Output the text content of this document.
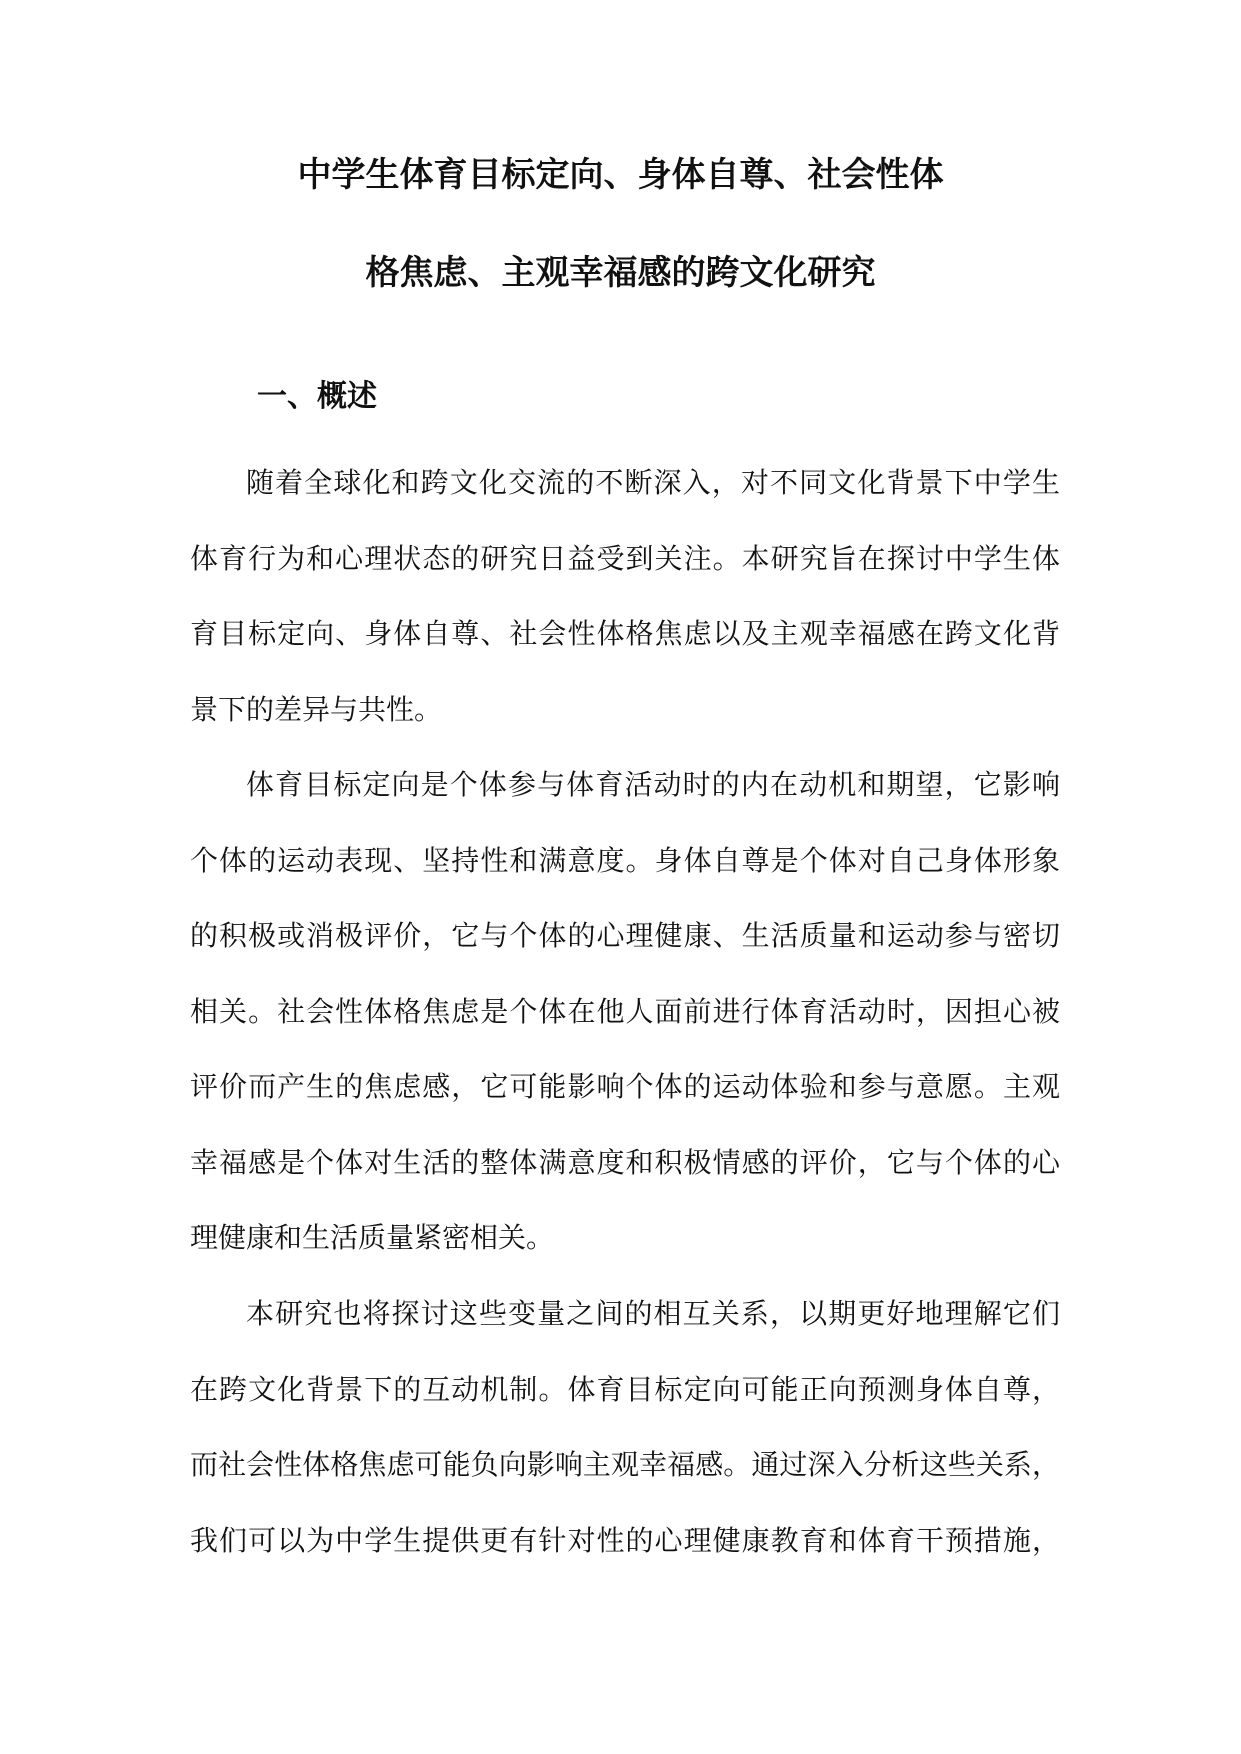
中学生体育目标定向、身体自尊、社会性体
格焦虑、主观幸福感的跨文化研究
一、概述
随着全球化和跨文化交流的不断深入，对不同文化背景下中学生
体育行为和心理状态的研究日益受到关注。本研究旨在探讨中学生体
育目标定向、身体自尊、社会性体格焦虑以及主观幸福感在跨文化背
景下的差异与共性。
体育目标定向是个体参与体育活动时的内在动机和期望，它影响
个体的运动表现、坚持性和满意度。身体自尊是个体对自己身体形象
的积极或消极评价，它与个体的心理健康、生活质量和运动参与密切
相关。社会性体格焦虑是个体在他人面前进行体育活动时，因担心被
评价而产生的焦虑感，它可能影响个体的运动体验和参与意愿。主观
幸福感是个体对生活的整体满意度和积极情感的评价，它与个体的心
理健康和生活质量紧密相关。
本研究也将探讨这些变量之间的相互关系，以期更好地理解它们
在跨文化背景下的互动机制。体育目标定向可能正向预测身体自尊，
而社会性体格焦虑可能负向影响主观幸福感。通过深入分析这些关系，
我们可以为中学生提供更有针对性的心理健康教育和体育干预措施，
